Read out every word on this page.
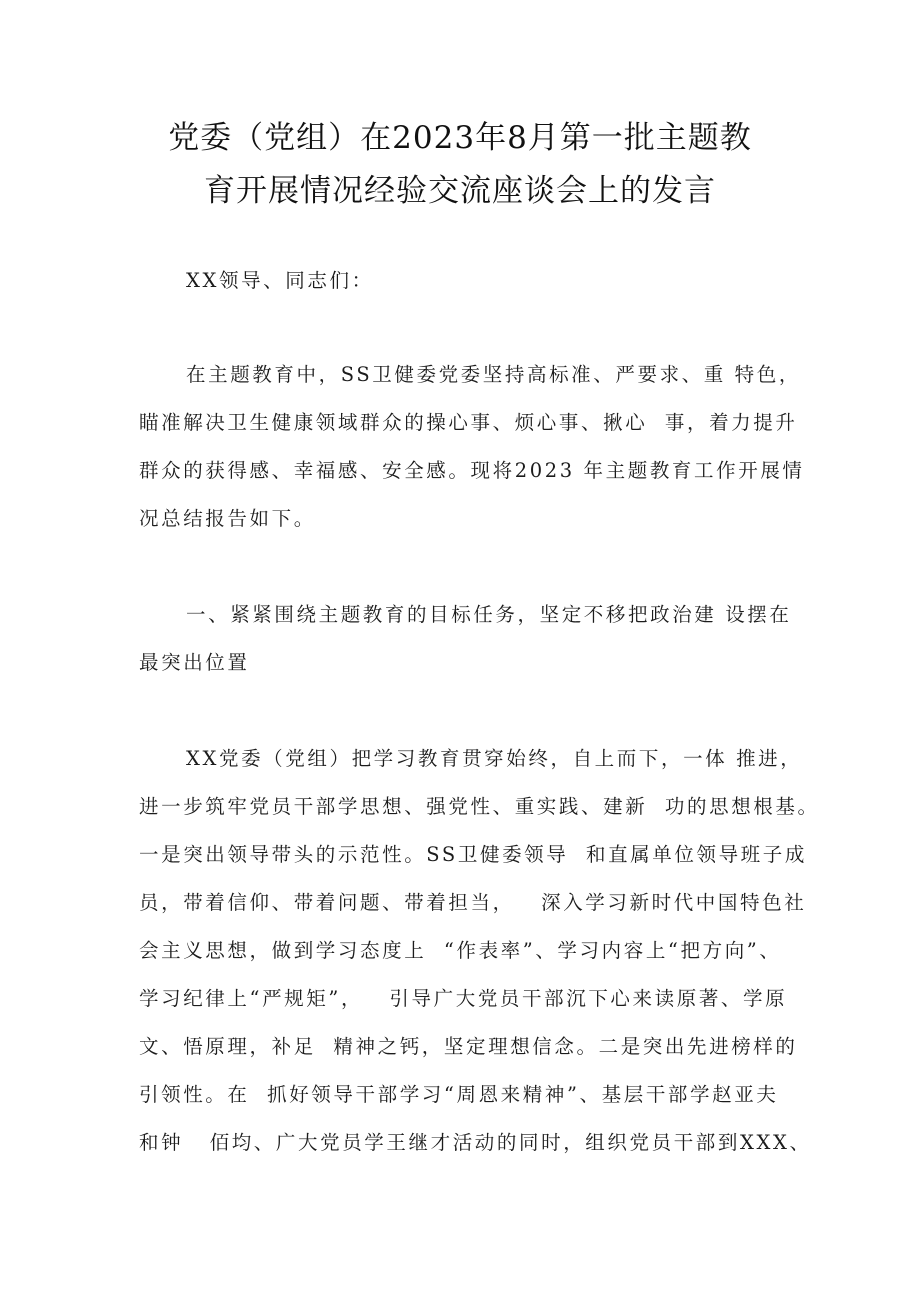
党委（党组）在2023年8月第一批主题教
育开展情况经验交流座谈会上的发言
XX领导、同志们：
在主题教育中，SS卫健委党委坚持高标准、严要求、重 特色，
瞄准解决卫生健康领域群众的操心事、烦心事、揪心  事，着力提升
群众的获得感、幸福感、安全感。现将2023 年主题教育工作开展情
况总结报告如下。
一、紧紧围绕主题教育的目标任务，坚定不移把政治建 设摆在
最突出位置
XX党委（党组）把学习教育贯穿始终，自上而下，一体 推进，
进一步筑牢党员干部学思想、强党性、重实践、建新  功的思想根基。
一是突出领导带头的示范性。SS卫健委领导  和直属单位领导班子成
员，带着信仰、带着问题、带着担当，   深入学习新时代中国特色社
会主义思想，做到学习态度上  “作表率”、学习内容上“把方向”、
学习纪律上“严规矩”，   引导广大党员干部沉下心来读原著、学原
文、悟原理，补足  精神之钙，坚定理想信念。二是突出先进榜样的
引领性。在  抓好领导干部学习“周恩来精神”、基层干部学赵亚夫
和钟   佰均、广大党员学王继才活动的同时，组织党员干部到XXX、
